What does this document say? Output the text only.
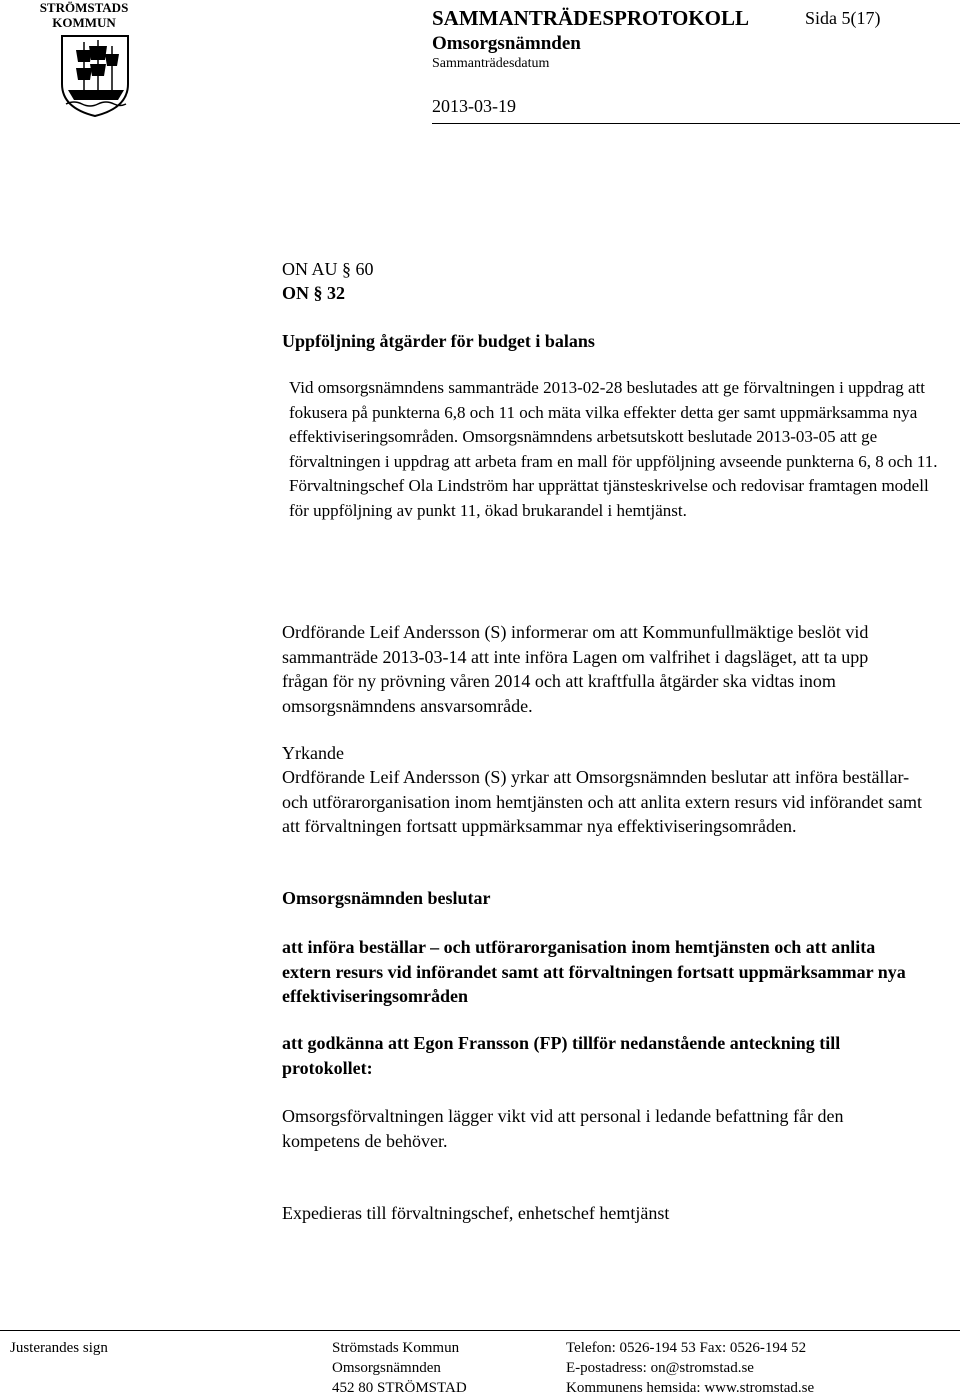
STRÖMSTADS
KOMMUN	SAMMANTRÄDESPROTOKOLL	Sida 5(17)
Omsorgsnämnden
Sammanträdesdatum
2013-03-19
ON AU § 60
ON § 32
Uppföljning åtgärder för budget i balans
Vid omsorgsnämndens sammanträde 2013-02-28 beslutades att ge förvaltningen i uppdrag att fokusera på punkterna 6,8 och 11 och mäta vilka effekter detta ger samt uppmärksamma nya effektiviseringsområden. Omsorgsnämndens arbetsutskott beslutade 2013-03-05 att ge förvaltningen i uppdrag att arbeta fram en mall för uppföljning avseende punkterna 6, 8 och 11. Förvaltningschef Ola Lindström har upprättat tjänsteskrivelse och redovisar framtagen modell för uppföljning av punkt 11, ökad brukarandel i hemtjänst.
Ordförande Leif Andersson (S) informerar om att Kommunfullmäktige beslöt vid sammanträde 2013-03-14 att inte införa Lagen om valfrihet i dagsläget, att ta upp frågan för ny prövning våren 2014 och att kraftfulla åtgärder ska vidtas inom omsorgsnämndens ansvarsområde.
Yrkande
Ordförande Leif Andersson (S) yrkar att Omsorgsnämnden beslutar att införa beställar- och utförarorganisation inom hemtjänsten och att anlita extern resurs vid införandet samt att förvaltningen fortsatt uppmärksammar nya effektiviseringsområden.
Omsorgsnämnden beslutar
att införa beställar – och utförarorganisation inom hemtjänsten och att anlita extern resurs vid införandet samt att förvaltningen fortsatt uppmärksammar nya effektiviseringsområden
att godkänna att Egon Fransson (FP) tillför nedanstående anteckning till protokollet:
Omsorgsförvaltningen lägger vikt vid att personal i ledande befattning får den kompetens de behöver.
Expedieras till förvaltningschef, enhetschef hemtjänst
Justerandes sign	Strömstads Kommun
Omsorgsnämnden
452 80 STRÖMSTAD
Telefon: 0526-194 53 Fax: 0526-194 52
E-postadress: on@stromstad.se
Kommunens hemsida: www.stromstad.se
